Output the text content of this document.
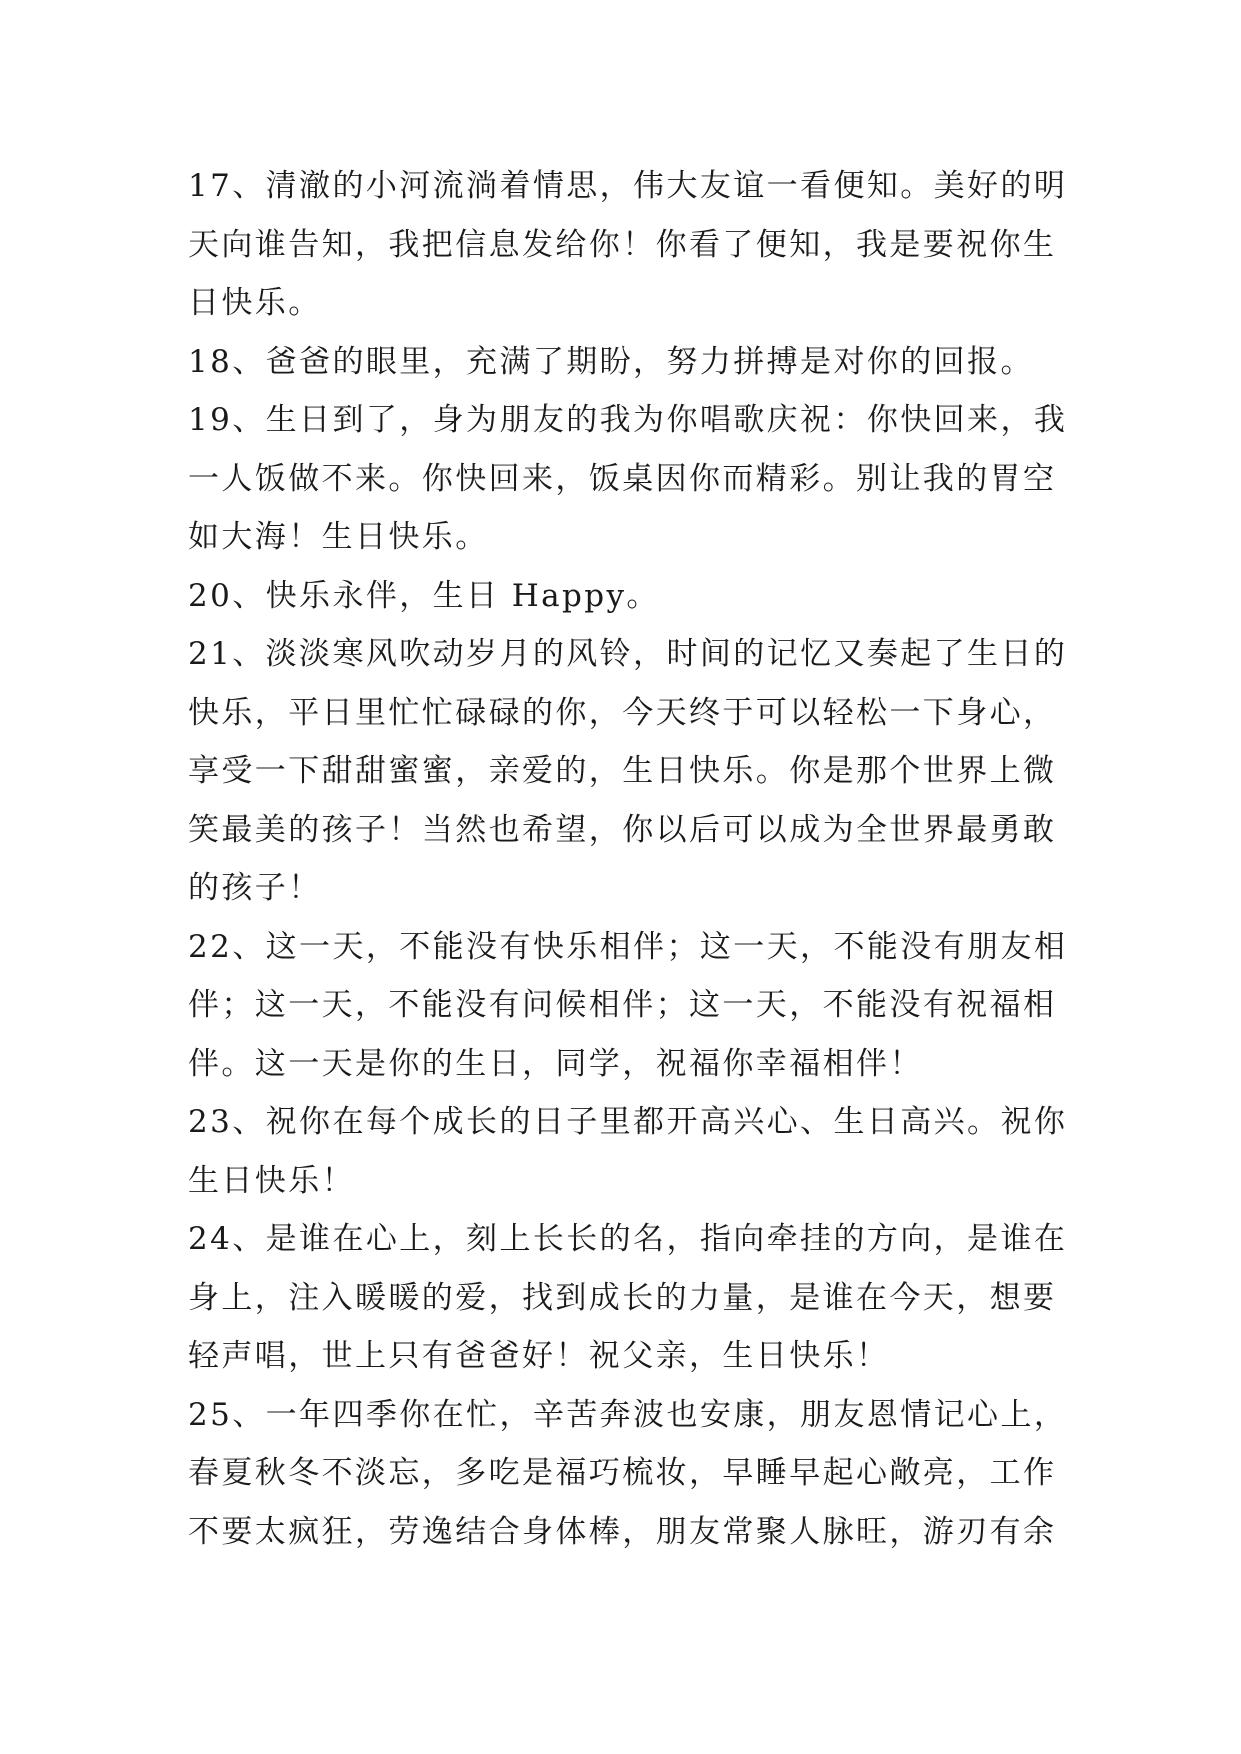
17、清澈的小河流淌着情思，伟大友谊一看便知。美好的明
天向谁告知，我把信息发给你！你看了便知，我是要祝你生
日快乐。
18、爸爸的眼里，充满了期盼，努力拼搏是对你的回报。
19、生日到了，身为朋友的我为你唱歌庆祝：你快回来，我
一人饭做不来。你快回来，饭桌因你而精彩。别让我的胃空
如大海！生日快乐。
20、快乐永伴，生日 Happy。
21、淡淡寒风吹动岁月的风铃，时间的记忆又奏起了生日的
快乐，平日里忙忙碌碌的你，今天终于可以轻松一下身心，
享受一下甜甜蜜蜜，亲爱的，生日快乐。你是那个世界上微
笑最美的孩子！当然也希望，你以后可以成为全世界最勇敢
的孩子！
22、这一天，不能没有快乐相伴；这一天，不能没有朋友相
伴；这一天，不能没有问候相伴；这一天，不能没有祝福相
伴。这一天是你的生日，同学，祝福你幸福相伴！
23、祝你在每个成长的日子里都开高兴心、生日高兴。祝你
生日快乐！
24、是谁在心上，刻上长长的名，指向牵挂的方向，是谁在
身上，注入暖暖的爱，找到成长的力量，是谁在今天，想要
轻声唱，世上只有爸爸好！祝父亲，生日快乐！
25、一年四季你在忙，辛苦奔波也安康，朋友恩情记心上，
春夏秋冬不淡忘，多吃是福巧梳妆，早睡早起心敞亮，工作
不要太疯狂，劳逸结合身体棒，朋友常聚人脉旺，游刃有余
